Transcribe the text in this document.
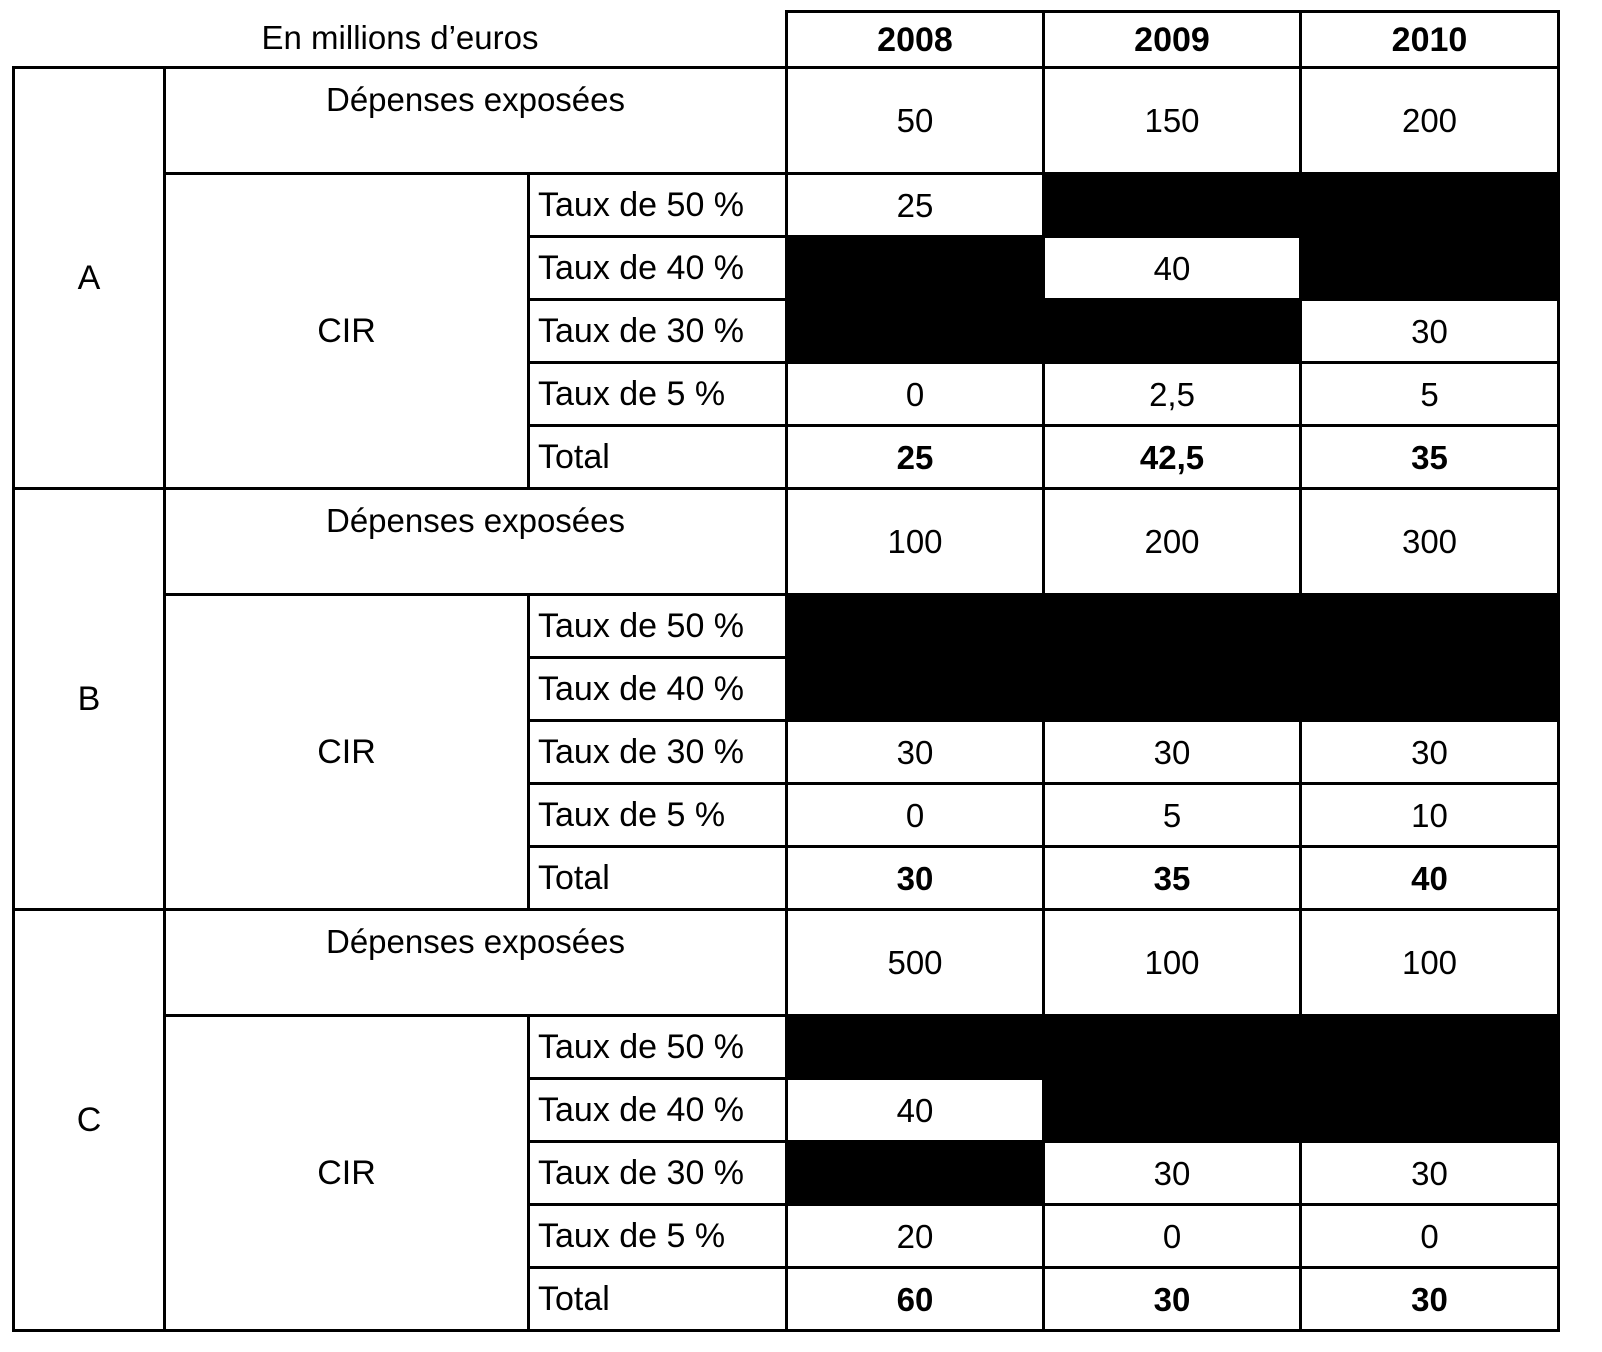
En millions d’euros
			2008	2009	2010
A	Dépenses exposées		50	150	200
	CIR	Taux de 50 %	25		
		Taux de 40 %		40	
		Taux de 30 %			30
		Taux de 5 %	0	2,5	5
		Total	25	42,5	35
B	Dépenses exposées		100	200	300
	CIR	Taux de 50 %			
		Taux de 40 %			
		Taux de 30 %	30	30	30
		Taux de 5 %	0	5	10
		Total	30	35	40
C	Dépenses exposées		500	100	100
	CIR	Taux de 50 %			
		Taux de 40 %	40		
		Taux de 30 %		30	30
		Taux de 5 %	20	0	0
		Total	60	30	30
